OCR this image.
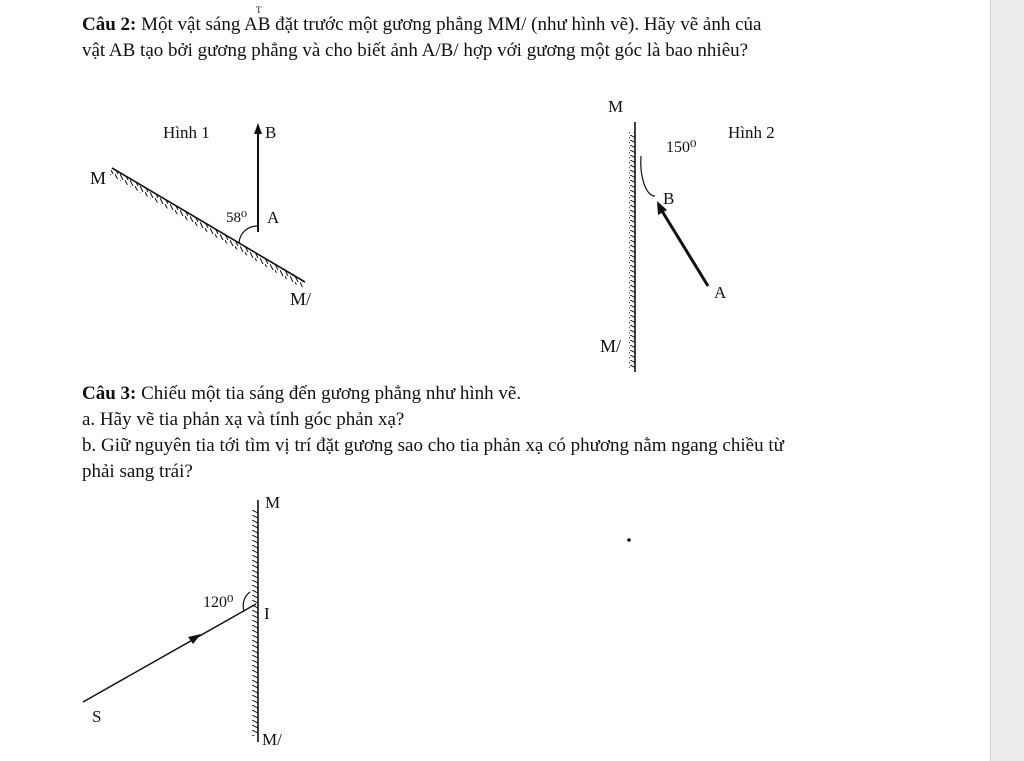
Câu 2: Một vật sáng AB đặt trước một gương phẳng MM/ (như hình vẽ). Hãy vẽ ảnh của
vật AB tạo bởi gương phẳng và cho biết ảnh A/B/ hợp với gương một góc là bao nhiêu?
Câu 3: Chiếu một tia sáng đến gương phẳng như hình vẽ.
a. Hãy vẽ tia phản xạ và tính góc phản xạ?
b. Giữ nguyên tia tới tìm vị trí đặt gương sao cho tia phản xạ có phương nằm ngang chiều từ
phải sang trái?
T
Hình 1
M
M/
B
A
58⁰
M
Hình 2
M/
B
A
150⁰
M
M/
I
S
120⁰
